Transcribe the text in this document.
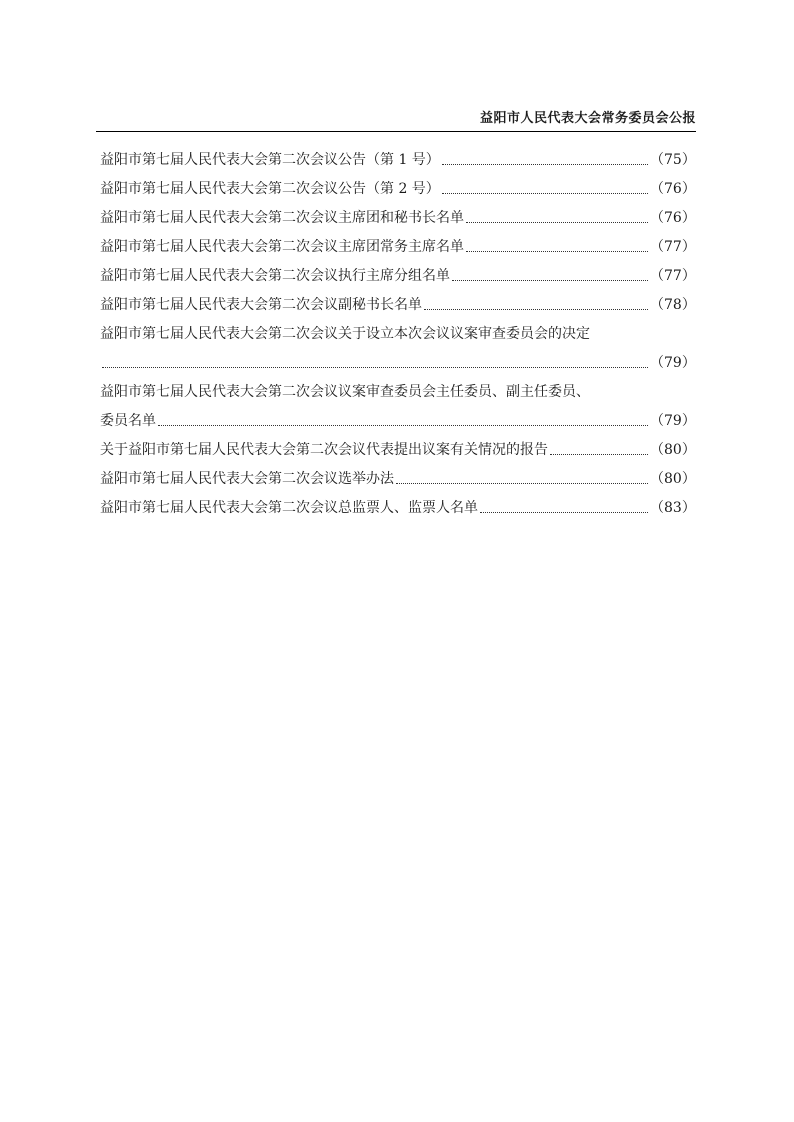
益阳市人民代表大会常务委员会公报
益阳市第七届人民代表大会第二次会议公告（第 1 号）	（75）
益阳市第七届人民代表大会第二次会议公告（第 2 号）	（76）
益阳市第七届人民代表大会第二次会议主席团和秘书长名单	（76）
益阳市第七届人民代表大会第二次会议主席团常务主席名单	（77）
益阳市第七届人民代表大会第二次会议执行主席分组名单	（77）
益阳市第七届人民代表大会第二次会议副秘书长名单	（78）
益阳市第七届人民代表大会第二次会议关于设立本次会议议案审查委员会的决定
（79）
益阳市第七届人民代表大会第二次会议议案审查委员会主任委员、副主任委员、
委员名单	（79）
关于益阳市第七届人民代表大会第二次会议代表提出议案有关情况的报告	（80）
益阳市第七届人民代表大会第二次会议选举办法	（80）
益阳市第七届人民代表大会第二次会议总监票人、监票人名单	（83）
